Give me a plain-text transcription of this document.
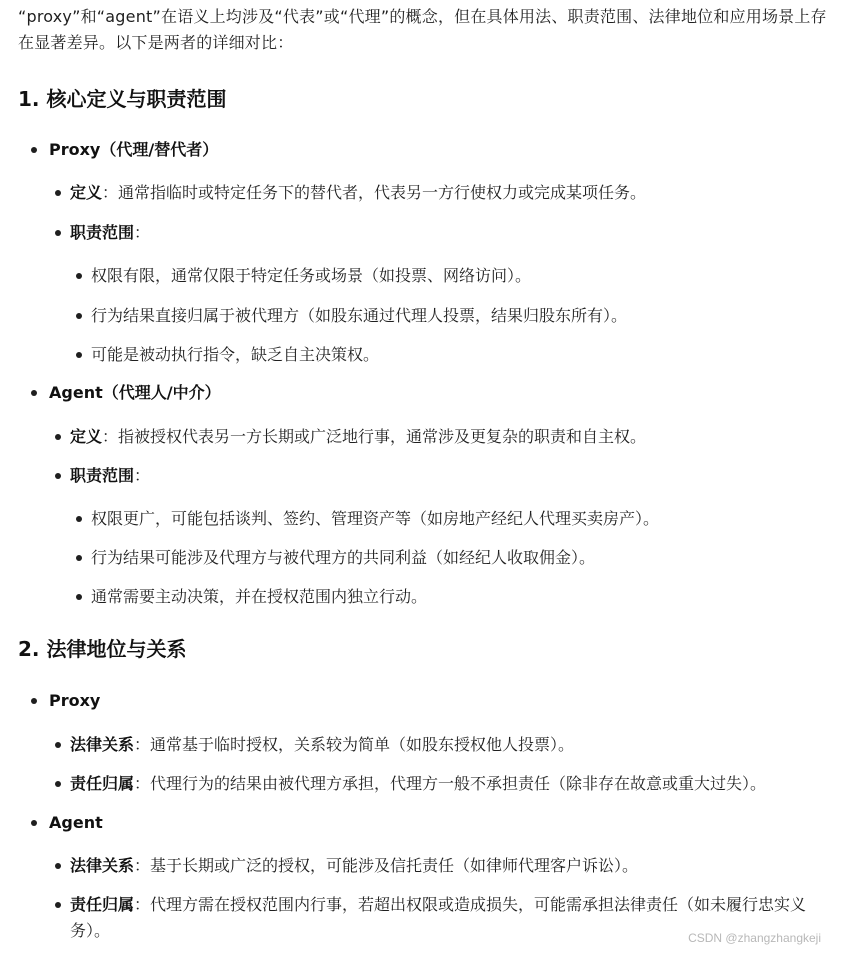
“proxy”和“agent”在语义上均涉及“代表”或“代理”的概念，但在具体用法、职责范围、法律地位和应用场景上存在显著差异。以下是两者的详细对比：

1. 核心定义与职责范围
Proxy（代理/替代者）
定义：通常指临时或特定任务下的替代者，代表另一方行使权力或完成某项任务。
职责范围：
权限有限，通常仅限于特定任务或场景（如投票、网络访问）。
行为结果直接归属于被代理方（如股东通过代理人投票，结果归股东所有）。
可能是被动执行指令，缺乏自主决策权。
Agent（代理人/中介）
定义：指被授权代表另一方长期或广泛地行事，通常涉及更复杂的职责和自主权。
职责范围：
权限更广，可能包括谈判、签约、管理资产等（如房地产经纪人代理买卖房产）。
行为结果可能涉及代理方与被代理方的共同利益（如经纪人收取佣金）。
通常需要主动决策，并在授权范围内独立行动。
2. 法律地位与关系
Proxy
法律关系：通常基于临时授权，关系较为简单（如股东授权他人投票）。
责任归属：代理行为的结果由被代理方承担，代理方一般不承担责任（除非存在故意或重大过失）。
Agent
法律关系：基于长期或广泛的授权，可能涉及信托责任（如律师代理客户诉讼）。
责任归属：代理方需在授权范围内行事，若超出权限或造成损失，可能需承担法律责任（如未履行忠实义务）。	CSDN @zhangzhangkeji
